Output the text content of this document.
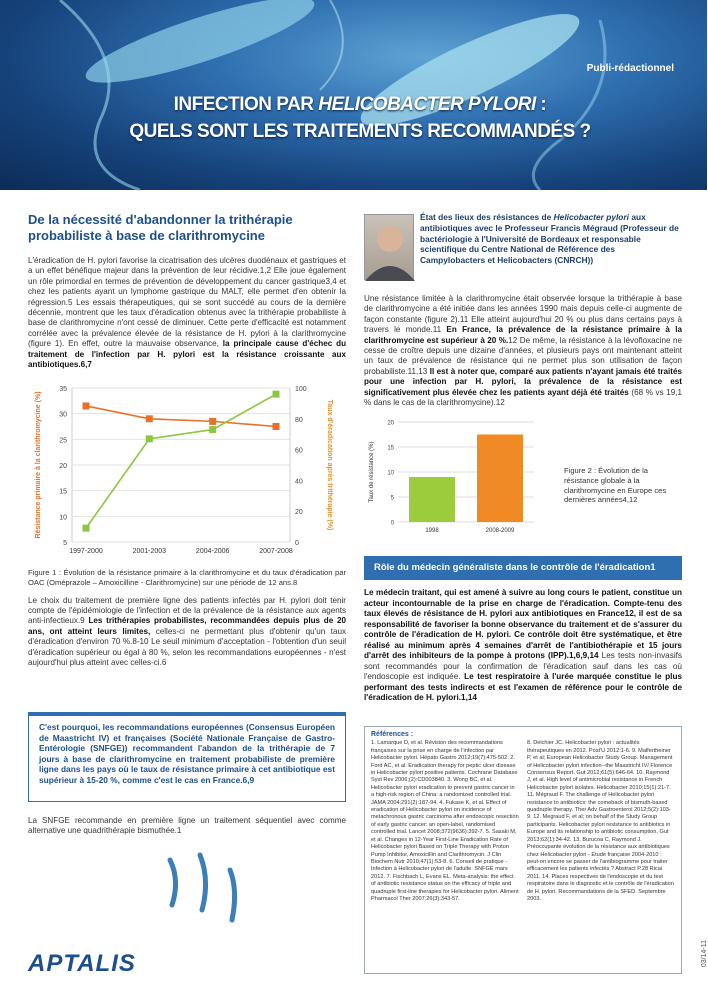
Publi-rédactionnel
INFECTION PAR HELICOBACTER PYLORI :
QUELS SONT LES TRAITEMENTS RECOMMANDÉS ?
De la nécessité d'abandonner la trithérapie probabiliste à base de clarithromycine
L'éradication de H. pylori favorise la cicatrisation des ulcères duodénaux et gastriques et a un effet bénéfique majeur dans la prévention de leur récidive.1,2 Elle joue également un rôle primordial en termes de prévention de développement du cancer gastrique3,4 et chez les patients ayant un lymphome gastrique du MALT, elle permet d'en obtenir la régression.5 Les essais thérapeutiques, qui se sont succédé au cours de la dernière décennie, montrent que les taux d'éradication obtenus avec la trithérapie probabiliste à base de clarithromycine n'ont cessé de diminuer. Cette perte d'efficacité est notamment corrélée avec la prévalence élevée de la résistance de H. pylori à la clarithromycine (figure 1). En effet, outre la mauvaise observance, la principale cause d'échec du traitement de l'infection par H. pylori est la résistance croissante aux antibiotiques.6,7
5
10
15
20
25
30
35
0
20
40
60
80
100
1997-2000	2001-2003	2004-2006	2007-2008
Résistance primaire à la clarithromycine (%)	Taux d'éradication après trithérapie (%)
Figure 1 : Évolution de la résistance primaire à la clarithromycine et du taux d'éradication par OAC (Oméprazole – Amoxicilline - Clarithromycine) sur une période de 12 ans.8
Le choix du traitement de première ligne des patients infectés par H. pylori doit tenir compte de l'épidémiologie de l'infection et de la prévalence de la résistance aux agents anti-infectieux.9 Les trithérapies probabilistes, recommandées depuis plus de 20 ans, ont atteint leurs limites, celles-ci ne permettant plus d'obtenir qu'un taux d'éradication d'environ 70 %.8-10 Le seuil minimum d'acceptation - l'obtention d'un seuil d'éradication supérieur ou égal à 80 %, selon les recommandations européennes - n'est aujourd'hui plus atteint avec celles-ci.6
C'est pourquoi, les recommandations européennes (Consensus Européen de Maastricht IV) et françaises (Société Nationale Française de Gastro-Entérologie (SNFGE)) recommandent l'abandon de la trithérapie de 7 jours à base de clarithromycine en traitement probabiliste de première ligne dans les pays où le taux de résistance primaire à cet antibiotique est supérieur à 15-20 %, comme c'est le cas en France.6,9
La SNFGE recommande en première ligne un traitement séquentiel avec comme alternative une quadrithérapie bismuthée.1
APTALIS
État des lieux des résistances de Helicobacter pylori aux antibiotiques avec le Professeur Francis Mégraud (Professeur de bactériologie à l'Université de Bordeaux et responsable scientifique du Centre National de Référence des Campylobacters et Helicobacters (CNRCH))
Une résistance limitée à la clarithromycine était observée lorsque la trithérapie à base de clarithromycine a été initiée dans les années 1990 mais depuis celle-ci augmente de façon constante (figure 2).11 Elle atteint aujourd'hui 20 % ou plus dans certains pays à travers le monde.11 En France, la prévalence de la résistance primaire à la clarithromycine est supérieur à 20 %.12 De même, la résistance à la lévofloxacine ne cesse de croître depuis une dizaine d'années, et plusieurs pays ont maintenant atteint un taux de prévalence de résistance qui ne permet plus son utilisation de façon probabiliste.11,13 Il est à noter que, comparé aux patients n'ayant jamais été traités pour une infection par H. pylori, la prévalence de la résistance est significativement plus élevée chez les patients ayant déjà été traités (68 % vs 19,1 % dans le cas de la clarithromycine).12
0
5
10
15
20
1998	2008-2009
Taux de résistance (%)	Figure 2 : Évolution de la résistance globale à la clarithromycine en Europe ces dernières années4,12
Rôle du médecin généraliste dans le contrôle de l'éradication1
Le médecin traitant, qui est amené à suivre au long cours le patient, constitue un acteur incontournable de la prise en charge de l'éradication. Compte-tenu des taux élevés de résistance de H. pylori aux antibiotiques en France12, il est de sa responsabilité de favoriser la bonne observance du traitement et de s'assurer du contrôle de l'éradication de H. pylori. Ce contrôle doit être systématique, et être réalisé au minimum après 4 semaines d'arrêt de l'antibiothérapie et 15 jours d'arrêt des inhibiteurs de la pompe à protons (IPP).1,6,9,14 Les tests non-invasifs sont recommandés pour la confirmation de l'éradication sauf dans les cas où l'endoscopie est indiquée. Le test respiratoire à l'urée marquée constitue le plus performant des tests indirects et est l'examen de référence pour le contrôle de l'éradication de H. pylori.1,14
Références :
1. Lamarque D, et al. Révision des recommandations françaises sur la prise en charge de l'infection par Helicobacter pylori. Hépato Gastro 2012;19(7):475-502. 2. Ford AC, et al. Eradication therapy for peptic ulcer disease in Helicobacter pylori positive patients. Cochrane Database Syst Rev 2006;(2):CD003840. 3. Wong BC, et al. Helicobacter pylori eradication to prevent gastric cancer in a high-risk region of China: a randomized controlled trial. JAMA 2004;291(2):187-94. 4. Fukase K, et al. Effect of eradication of Helicobacter pylori on incidence of metachronous gastric carcinoma after endoscopic resection of early gastric cancer: an open-label, randomised controlled trial. Lancet 2008;372(9636):392-7. 5. Sasaki M, et al. Changes in 12-Year First-Line Eradication Rate of Helicobacter pylori Based on Triple Therapy with Proton Pump Inhibitor, Amoxicillin and Clarithromycin. J Clin Biochem Nutr 2010;47(1):53-8. 6. Conseil de pratique - Infection à Helicobacter pylori de l'adulte. SNFGE mars 2012. 7. Fischbach L, Evans EL. Meta-analysis: the effect of antibiotic resistance status on the efficacy of triple and quadruple first-line therapies for Helicobacter pylori. Aliment Pharmacol Ther 2007;26(3):343-57.
8. Delchier JC. Helicobacter pylori : actualités thérapeutiques en 2012. Post'U 2012:1-6. 9. Malfertheiner P, et al; European Helicobacter Study Group. Management of Helicobacter pylori infection--the Maastricht IV/ Florence Consensus Report. Gut 2012;61(5):646-64. 10. Raymond J, et al. High level of antimicrobial resistance in French Helicobacter pylori isolates. Helicobacter 2010;15(1):21-7. 11. Mégraud F. The challenge of Helicobacter pylori resistance to antibiotics: the comeback of bismuth-based quadruple therapy. Ther Adv Gastroenterol 2012;5(2):103-9. 12. Megraud F, et al; on behalf of the Study Group participants. Helicobacter pylori resistance to antibiotics in Europe and its relationship to antibiotic consumption. Gut 2013;62(1):34-42. 13. Burucoa C, Raymond J. Préoccupante évolution de la résistance aux antibiotiques chez Helicobacter pylori - Étude française 2004-2010 : peut-on encore se passer de l'antibiogramme pour traiter efficacement les patients infectés ? Abstract P.28 Ricai 2011. 14. Places respectives de l'endoscopie et du test respiratoire dans le diagnostic et le contrôle de l'éradication de H. pylori. Recommandations de la SFED. Septembre 2003.
03/14-11
